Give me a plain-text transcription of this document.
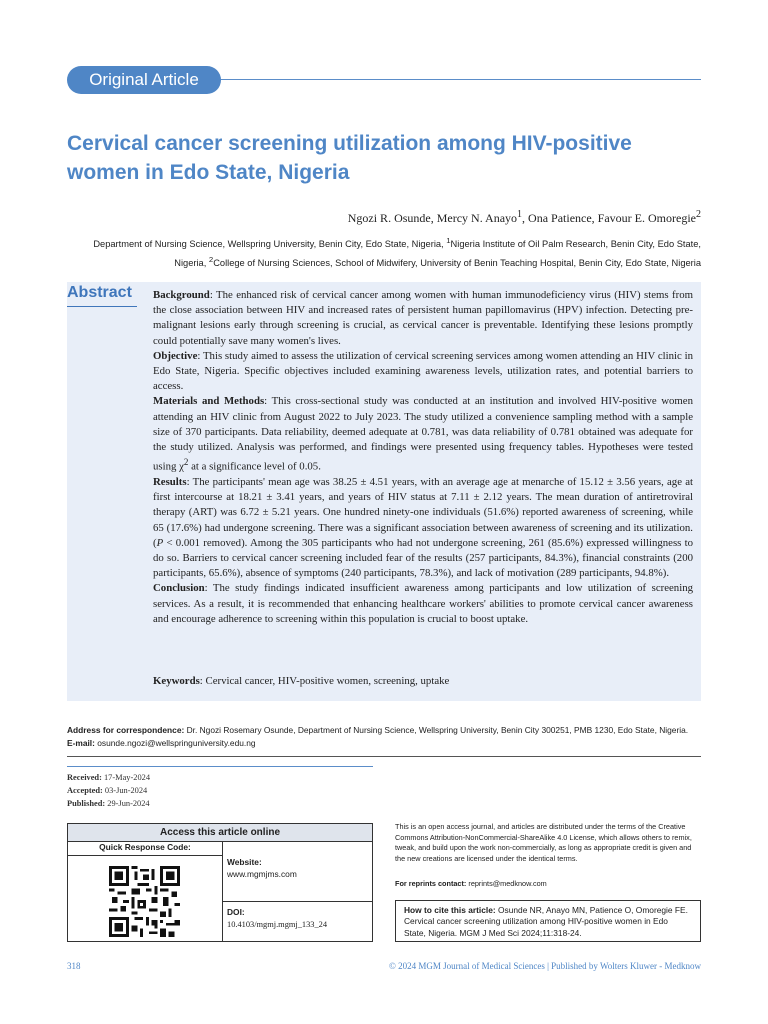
Original Article
Cervical cancer screening utilization among HIV-positive women in Edo State, Nigeria
Ngozi R. Osunde, Mercy N. Anayo$^1$, Ona Patience, Favour E. Omoregie$^2$
Department of Nursing Science, Wellspring University, Benin City, Edo State, Nigeria, $^1$Nigeria Institute of Oil Palm Research, Benin City, Edo State, Nigeria, $^2$College of Nursing Sciences, School of Midwifery, University of Benin Teaching Hospital, Benin City, Edo State, Nigeria
Abstract Background: The enhanced risk of cervical cancer among women with human immunodeficiency virus (HIV) stems from the close association between HIV and increased rates of persistent human papillomavirus (HPV) infection. Detecting pre-malignant lesions early through screening is crucial, as cervical cancer is preventable. Identifying these lesions promptly could potentially save many women's lives.

Objective: This study aimed to assess the utilization of cervical screening services among women attending an HIV clinic in Edo State, Nigeria. Specific objectives included examining awareness levels, utilization rates, and potential barriers to access.

Materials and Methods: This cross-sectional study was conducted at an institution and involved HIV-positive women attending an HIV clinic from August 2022 to July 2023. The study utilized a convenience sampling method with a sample size of 370 participants. Data reliability, deemed adequate at 0.781, was data reliability of 0.781 obtained was adequate for the study utilized. Analysis was performed, and findings were presented using frequency tables. Hypotheses were tested using $\chi^2$ at a significance level of 0.05.

Results: The participants' mean age was 38.25 ± 4.51 years, with an average age at menarche of 15.12 ± 3.56 years, age at first intercourse at 18.21 ± 3.41 years, and years of HIV status at 7.11 ± 2.12 years. The mean duration of antiretroviral therapy (ART) was 6.72 ± 5.21 years. One hundred ninety-one individuals (51.6%) reported awareness of screening, while 65 (17.6%) had undergone screening. There was a significant association between awareness of screening and its utilization. (P < 0.001 removed). Among the 305 participants who had not undergone screening, 261 (85.6%) expressed willingness to do so. Barriers to cervical cancer screening included fear of the results (257 participants, 84.3%), financial constraints (200 participants, 65.6%), absence of symptoms (240 participants, 78.3%), and lack of motivation (289 participants, 94.8%).

Conclusion: The study findings indicated insufficient awareness among participants and low utilization of screening services. As a result, it is recommended that enhancing healthcare workers' abilities to promote cervical cancer awareness and encourage adherence to screening within this population is crucial to boost uptake.

Keywords: Cervical cancer, HIV-positive women, screening, uptake
Address for correspondence: Dr. Ngozi Rosemary Osunde, Department of Nursing Science, Wellspring University, Benin City 300251, PMB 1230, Edo State, Nigeria.
E-mail: osunde.ngozi@wellspringuniversity.edu.ng
Received: 17-May-2024
Accepted: 03-Jun-2024
Published: 29-Jun-2024
Access this article online
Quick Response Code:
Website:
www.mgmjms.com
DOI:
10.4103/mgmj.mgmj_133_24
This is an open access journal, and articles are distributed under the terms of the Creative Commons Attribution-NonCommercial-ShareAlike 4.0 License, which allows others to remix, tweak, and build upon the work non-commercially, as long as appropriate credit is given and the new creations are licensed under the identical terms.
For reprints contact: reprints@medknow.com
How to cite this article: Osunde NR, Anayo MN, Patience O, Omoregie FE. Cervical cancer screening utilization among HIV-positive women in Edo State, Nigeria. MGM J Med Sci 2024;11:318-24.
318	© 2024 MGM Journal of Medical Sciences | Published by Wolters Kluwer - Medknow
